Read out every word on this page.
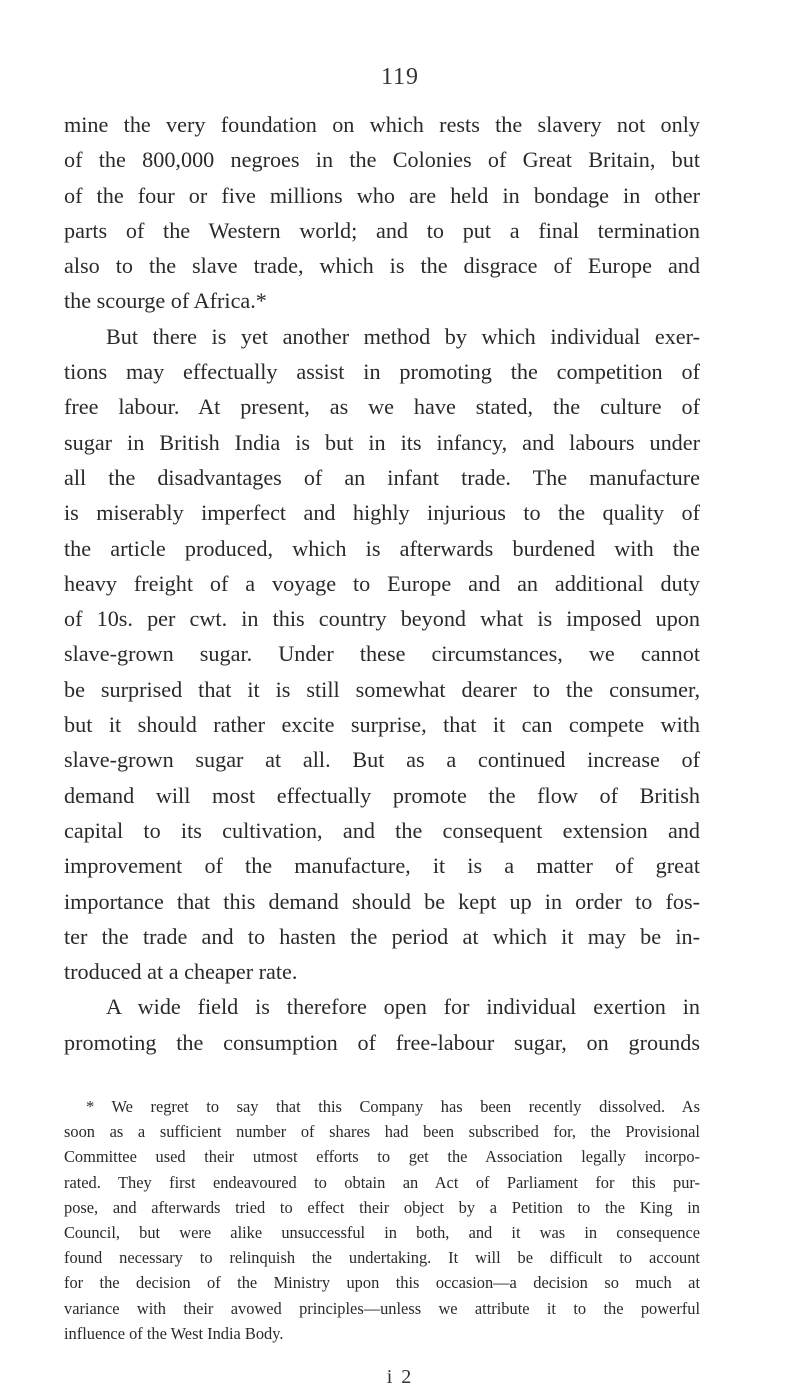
119
mine the very foundation on which rests the slavery not only
of the 800,000 negroes in the Colonies of Great Britain, but
of the four or five millions who are held in bondage in other
parts of the Western world; and to put a final termination
also to the slave trade, which is the disgrace of Europe and
the scourge of Africa.*
But there is yet another method by which individual exer-
tions may effectually assist in promoting the competition of
free labour. At present, as we have stated, the culture of
sugar in British India is but in its infancy, and labours under
all the disadvantages of an infant trade. The manufacture
is miserably imperfect and highly injurious to the quality of
the article produced, which is afterwards burdened with the
heavy freight of a voyage to Europe and an additional duty
of 10s. per cwt. in this country beyond what is imposed upon
slave-grown sugar. Under these circumstances, we cannot
be surprised that it is still somewhat dearer to the consumer,
but it should rather excite surprise, that it can compete with
slave-grown sugar at all. But as a continued increase of
demand will most effectually promote the flow of British
capital to its cultivation, and the consequent extension and
improvement of the manufacture, it is a matter of great
importance that this demand should be kept up in order to fos-
ter the trade and to hasten the period at which it may be in-
troduced at a cheaper rate.
A wide field is therefore open for individual exertion in
promoting the consumption of free-labour sugar, on grounds
* We regret to say that this Company has been recently dissolved. As
soon as a sufficient number of shares had been subscribed for, the Provisional
Committee used their utmost efforts to get the Association legally incorpo-
rated. They first endeavoured to obtain an Act of Parliament for this pur-
pose, and afterwards tried to effect their object by a Petition to the King in
Council, but were alike unsuccessful in both, and it was in consequence
found necessary to relinquish the undertaking. It will be difficult to account
for the decision of the Ministry upon this occasion—a decision so much at
variance with their avowed principles—unless we attribute it to the powerful
influence of the West India Body.
i 2
